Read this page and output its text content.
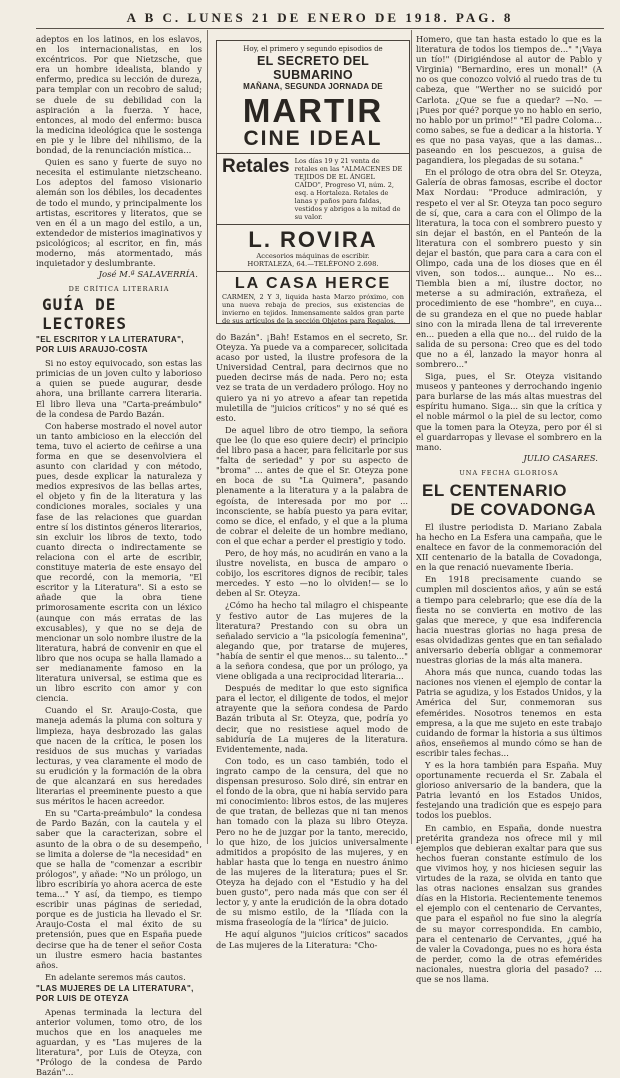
A B C. LUNES 21 DE ENERO DE 1918. PAG. 8

adeptos en los latinos, en los eslavos, en los internacionalistas, en los excéntricos. Por que Nietzsche, que era un hombre idealista, blando y enfermo, predica su lección de dureza, para templar con un recobro de salud; se duele de su debilidad con la aspiración a la fuerza. Y hace, entonces, al modo del enfermo: busca la medicina ideológica que le sostenga en pie y le libre del nihilismo, de la bondad, de la renunciación mística...

Quien es sano y fuerte de suyo no necesita el estimulante nietzscheano. Los adeptos del famoso visionario alemán son los débiles, los decadentes de todo el mundo, y principalmente los artistas, escritores y literatos, que se ven en él a un mago del estilo, a un, extendedor de misterios imaginativos y psicológicos; al escritor, en fin, más moderno, más atormentado, más inquietador y deslumbrante.

José M.ª SALAVERRÍA.
DE CRÍTICA LITERARIA
GUÍA DE LECTORES
"EL ESCRITOR Y LA LITERATURA", POR LUIS ARAUJO-COSTA

Si no estoy equivocado, son estas las primicias de un joven culto y laborioso a quien se puede augurar, desde ahora, una brillante carrera literaria. El libro lleva una "Carta-preámbulo" de la condesa de Pardo Bazán.

Con haberse mostrado el novel autor un tanto ambicioso en la elección del tema, tuvo el acierto de ceñirse a una forma en que se desenvolviera el asunto con claridad y con método, pues, desde explicar la naturaleza y medios expresivos de las bellas artes, el objeto y fin de la literatura y las condiciones morales, sociales y una fase de las relaciones que guardan entre sí los distintos géneros literarios, sin excluir los libros de texto, todo cuanto directa o indirectamente se relaciona con el arte de escribir, constituye materia de este ensayo del que recordé, con la memoria, "El escritor y la Literatura". Si a esto se añade que la obra tiene primorosamente escrita con un léxico (aunque con más erratas de las excusables), y que no se deja de mencionar un solo nombre ilustre de la literatura, habrá de convenir en que el libro que nos ocupa se halla llamado a ser medianamente famoso en la literatura universal, se estima que es un libro escrito con amor y con ciencia.

Cuando el Sr. Araujo-Costa, que maneja además la pluma con soltura y limpieza, haya desbrozado las galas que nacen de la crítica, le posen los residuos de sus muchas y variadas lecturas, y vea claramente el modo de su erudición y la formación de la obra de que alcanzará en sus heredades literarias el preeminente puesto a que sus méritos le hacen acreedor.

En su "Carta-preámbulo" la condesa de Pardo Bazán, con la cautela y el saber que la caracterizan, sobre el asunto de la obra o de su desempeño, se limita a dolerse de "la necesidad" en que se halla de "comenzar a escribir prólogos", y añade: "No un prólogo, un libro escribiría yo ahora acerca de este tema..." Y así, da tiempo, es tiempo escribir unas páginas de seriedad, porque es de justicia ha llevado el Sr. Araujo-Costa el mal éxito de su pretensión, pues que en España puede decirse que ha de tener el señor Costa un ilustre esmero hacia bastantes años.

En adelante seremos más cautos.

"LAS MUJERES DE LA LITERATURA", POR LUIS DE OTEYZA

Apenas terminada la lectura del anterior volumen, tomo otro, de los muchos que en los anaqueles me aguardan, y es "Las mujeres de la literatura", por Luis de Oteyza, con "Prólogo de la condesa de Pardo Bazán"...

Hoy, el primero y segundo episodios de
EL SECRETO DEL SUBMARINO
MAÑANA, SEGUNDA JORNADA DE
MARTIR
CINE IDEAL
Retales Los días 19 y 21 venta de retales en las "ALMACENES DE TEJIDOS DE EL ÁNGEL CAÍDO", Progreso VI, núm. 2, esq. a Hortaleza. Retales de lanas y paños para faldas, vestidos y abrigos a la mitad de su valor.
L. ROVIRA
Accesorios máquinas de escribir.
HORTALEZA, 64.—TELÉFONO 2.698.
LA CASA HERCE
CARMEN, 2 Y 3, liquida hasta Marzo próximo, con una nueva rebaja de precios, sus existencias de invierno en tejidos. Inmensamente saldos gran parte de sus artículos de la sección Objetos para Regalos.

do Bazán". ¡Bah! Estamos en el secreto, Sr. Oteyza. Ya puede va a comparecer, solicitada acaso por usted, la ilustre profesora de la Universidad Central, para decirnos que no pueden decirse más de nada. Pero no; esta vez se trata de un verdadero prólogo. Hoy no quiero ya ni yo atrevo a afear tan repetida muletilla de "juicios críticos" y no sé qué es esto.

De aquel libro de otro tiempo, la señora que lee (lo que eso quiere decir) el principio del libro pasa a hacer, para felicitarle por sus "falta de seriedad" y por su aspecto de "broma" ... antes de que el Sr. Oteyza pone en boca de su "La Quimera", pasando plenamente a la literatura y a la palabra de egoísta, de interesada por mo por ... inconsciente, se había puesto ya para evitar, como se dice, el enfado, y el que a la pluma de cobrar el deleite de un hombre mediano, con el que echar a perder el prestigio y todo.

Pero, de hoy más, no acudirán en vano a la ilustre novelista, en busca de amparo o cobijo, los escritores dignos de recibir, tales mercedes. Y esto —no lo olviden!— se lo deben al Sr. Oteyza.

¿Cómo ha hecho tal milagro el chispeante y festivo autor de Las mujeres de la literatura? Prestando con su obra un señalado servicio a "la psicología femenina", alegando que, por tratarse de mujeres, "había de sentir el que menos... su talento..." a la señora condesa, que por un prólogo, ya viene obligada a una reciprocidad literaria...

Después de meditar lo que esto significa para el lector, el diligente de todos, el mejor atrayente que la señora condesa de Pardo Bazán tributa al Sr. Oteyza, que, podría yo decir, que no resistiese aquel modo de sabiduría de La mujeres de la literatura. Evidentemente, nada.

Con todo, es un caso también, todo el ingrato campo de la censura, del que no dispensan presuroso. Solo diré, sin entrar en el fondo de la obra, que ni había servido para mi conocimiento: libros estos, de las mujeres de que tratan, de bellezas que ni tan menos han tomado con la plaza su libro Oteyza. Pero no he de juzgar por la tanto, merecido, lo que hizo, de los juicios universalmente admitidos a propósito de las mujeres, y en hablar hasta que lo tenga en nuestro ánimo de las mujeres de la literatura; pues el Sr. Oteyza ha dejado con el "Estudio y ha del buen gusto", pero nada más que con ser él lector y, y ante la erudición de la obra dotado de su mismo estilo, de la "Ilíada con la misma fraseología de la "lírica" de juicio.

He aquí algunos "juicios críticos" sacados de Las mujeres de la Literatura: "Cho-

Homero, que tan hasta estado lo que es la literatura de todos los tiempos de..." "¡Vaya un tío!" (Dirigiéndose al autor de Pablo y Virginia) "Bernardino, eres un monal!" (A no os que conozco volvió al ruedo tras de tu cabeza, que "Werther no se suicidó por Carlota. ¿Que se fue a quedar? —No. —¡Pues por qué? porque yo no hablo en serio, no hablo por un primo!" "El padre Coloma... como sabes, se fue a dedicar a la historia. Y es que no pasa vayas, que a las damas... paseando en los pescuezos, a guisa de pagandiera, los plegadas de su sotana."

En el prólogo de otra obra del Sr. Oteyza, Galería de obras famosas, escribe el doctor Max Nordau: "Produce admiración, y respeto el ver al Sr. Oteyza tan poco seguro de sí, que, cara a cara con el Olimpo de la literatura, la toca con el sombrero puesto y sin dejar el bastón, en el Panteón de la literatura con el sombrero puesto y sin dejar el bastón, que para cara a cara con el Olimpo, cada una de los dioses que en él viven, son todos... aunque... No es... Tiembla bien a mí, ilustre doctor, no meterse a su admiración, extrañeza, el procedimiento de ese "hombre", en cuya... de su grandeza en el que no puede hablar sino con la mirada llena de tal irreverente en... pueden a ella que no... del ruido de la salida de su persona: Creo que es del todo que no a él, lanzado la mayor honra al sombrero..."

Siga, pues, el Sr. Oteyza visitando museos y panteones y derrochando ingenio para burlarse de las más altas muestras del espíritu humano. Siga... sin que la crítica y el noble mármol o la piel de su lector, como que la tomen para la Oteyza, pero por él si el guardarropas y llevase el sombrero en la mano.

JULIO CASARES.
UNA FECHA GLORIOSA
EL CENTENARIO
DE COVADONGA

El ilustre periodista D. Mariano Zabala ha hecho en La Esfera una campaña, que le enaltece en favor de la conmemoración del XII centenario de la batalla de Covadonga, en la que renació nuevamente Iberia.

En 1918 precisamente cuando se cumplen mil doscientos años, y aún se está a tiempo para celebrarlo; que ese día de la fiesta no se convierta en motivo de las galas que merece, y que esa indiferencia hacia nuestras glorias no haga presa de esas olvidadizas gentes que en tan señalado aniversario debería obligar a conmemorar nuestras glorias de la más alta manera.

Ahora más que nunca, cuando todas las naciones nos vienen el ejemplo de contar la Patria se agudiza, y los Estados Unidos, y la América del Sur, conmemoran sus efemérides. Nosotros tenemos en esta empresa, a la que me sujeto en este trabajo cuidando de formar la historia a sus últimos años, enseñemos al mundo cómo se han de escribir tales fechas...

Y es la hora también para España. Muy oportunamente recuerda el Sr. Zabala el glorioso aniversario de la bandera, que la Patria levantó en los Estados Unidos, festejando una tradición que es espejo para todos los pueblos.

En cambio, en España, donde nuestra pretérita grandeza nos ofrece mil y mil ejemplos que debieran exaltar para que sus hechos fueran constante estímulo de los que vivimos hoy, y nos hiciesen seguir las virtudes de la raza, se olvida en tanto que las otras naciones ensalzan sus grandes días en la Historia. Recientemente tenemos el ejemplo con el centenario de Cervantes, que para el español no fue sino la alegría de su mayor correspondida. En cambio, para el centenario de Cervantes, ¿qué ha de valer la Covadonga, pues no es hora ésta de perder, como la de otras efemérides nacionales, nuestra gloria del pasado? ... que se nos llama.
